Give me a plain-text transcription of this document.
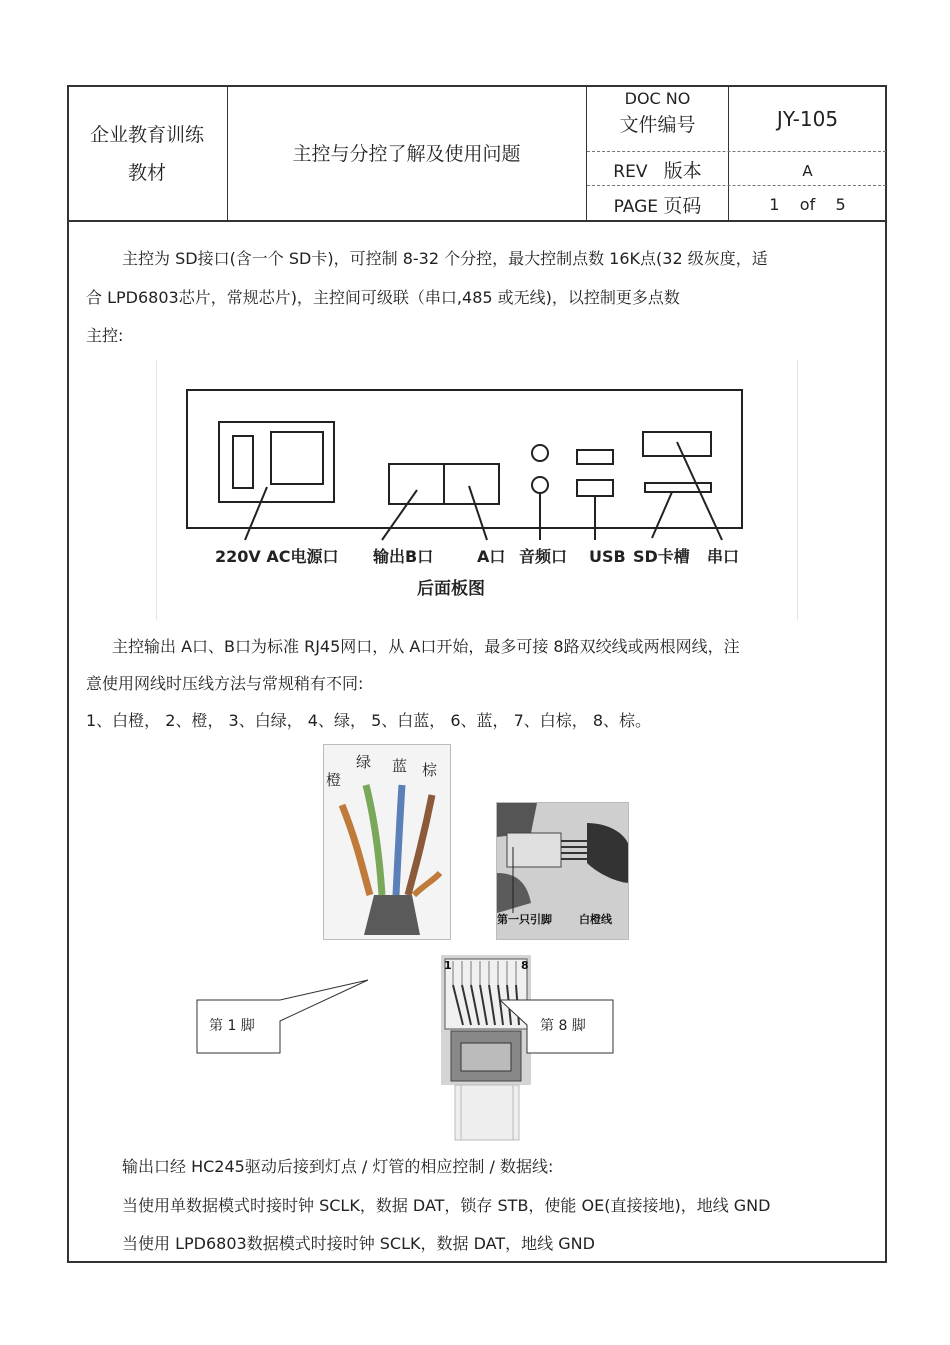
企业教育训练
教材
主控与分控了解及使用问题
DOC NO
文件编号	JY-105
REV 版本	A
PAGE 页码	1 of 5
主控为 SD接口(含一个 SD卡)，可控制 8-32 个分控，最大控制点数 16K点(32 级灰度，适
合 LPD6803芯片，常规芯片)，主控间可级联（串口,485 或无线)，以控制更多点数
主控:
220V AC电源口 输出B口	A口 音频口 USB SD卡槽 串口
后面板图
主控输出 A口、B口为标准 RJ45网口，从 A口开始，最多可接 8路双绞线或两根网线，注
意使用网线时压线方法与常规稍有不同:
1、白橙， 2、橙， 3、白绿， 4、绿， 5、白蓝， 6、蓝， 7、白棕， 8、棕。
橙
绿 蓝 棕
第一只引脚 白橙线
1	8
第 1 脚	第 8 脚
输出口经 HC245驱动后接到灯点 / 灯管的相应控制 / 数据线:
当使用单数据模式时接时钟 SCLK，数据 DAT，锁存 STB，使能 OE(直接接地)，地线 GND
当使用 LPD6803数据模式时接时钟 SCLK，数据 DAT，地线 GND
